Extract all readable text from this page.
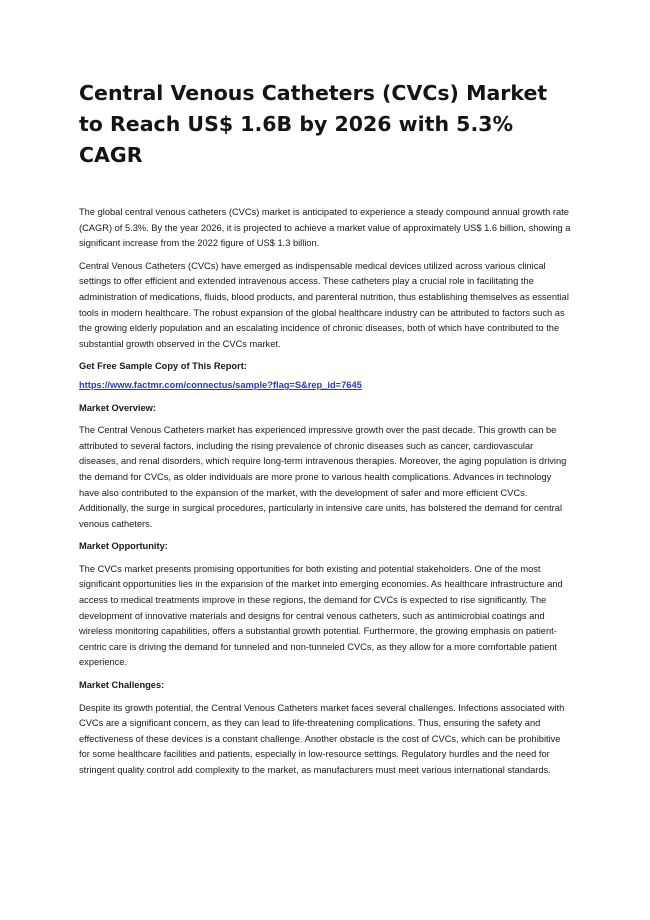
Central Venous Catheters (CVCs) Market to Reach US$ 1.6B by 2026 with 5.3% CAGR

The global central venous catheters (CVCs) market is anticipated to experience a steady compound annual growth rate (CAGR) of 5.3%. By the year 2026, it is projected to achieve a market value of approximately US$ 1.6 billion, showing a significant increase from the 2022 figure of US$ 1.3 billion.

Central Venous Catheters (CVCs) have emerged as indispensable medical devices utilized across various clinical settings to offer efficient and extended intravenous access. These catheters play a crucial role in facilitating the administration of medications, fluids, blood products, and parenteral nutrition, thus establishing themselves as essential tools in modern healthcare. The robust expansion of the global healthcare industry can be attributed to factors such as the growing elderly population and an escalating incidence of chronic diseases, both of which have contributed to the substantial growth observed in the CVCs market.

Get Free Sample Copy of This Report:
https://www.factmr.com/connectus/sample?flag=S&rep_id=7645
Market Overview:

The Central Venous Catheters market has experienced impressive growth over the past decade. This growth can be attributed to several factors, including the rising prevalence of chronic diseases such as cancer, cardiovascular diseases, and renal disorders, which require long-term intravenous therapies. Moreover, the aging population is driving the demand for CVCs, as older individuals are more prone to various health complications. Advances in technology have also contributed to the expansion of the market, with the development of safer and more efficient CVCs. Additionally, the surge in surgical procedures, particularly in intensive care units, has bolstered the demand for central venous catheters.

Market Opportunity:

The CVCs market presents promising opportunities for both existing and potential stakeholders. One of the most significant opportunities lies in the expansion of the market into emerging economies. As healthcare infrastructure and access to medical treatments improve in these regions, the demand for CVCs is expected to rise significantly. The development of innovative materials and designs for central venous catheters, such as antimicrobial coatings and wireless monitoring capabilities, offers a substantial growth potential. Furthermore, the growing emphasis on patient-centric care is driving the demand for tunneled and non-tunneled CVCs, as they allow for a more comfortable patient experience.

Market Challenges:

Despite its growth potential, the Central Venous Catheters market faces several challenges. Infections associated with CVCs are a significant concern, as they can lead to life-threatening complications. Thus, ensuring the safety and effectiveness of these devices is a constant challenge. Another obstacle is the cost of CVCs, which can be prohibitive for some healthcare facilities and patients, especially in low-resource settings. Regulatory hurdles and the need for stringent quality control add complexity to the market, as manufacturers must meet various international standards.
